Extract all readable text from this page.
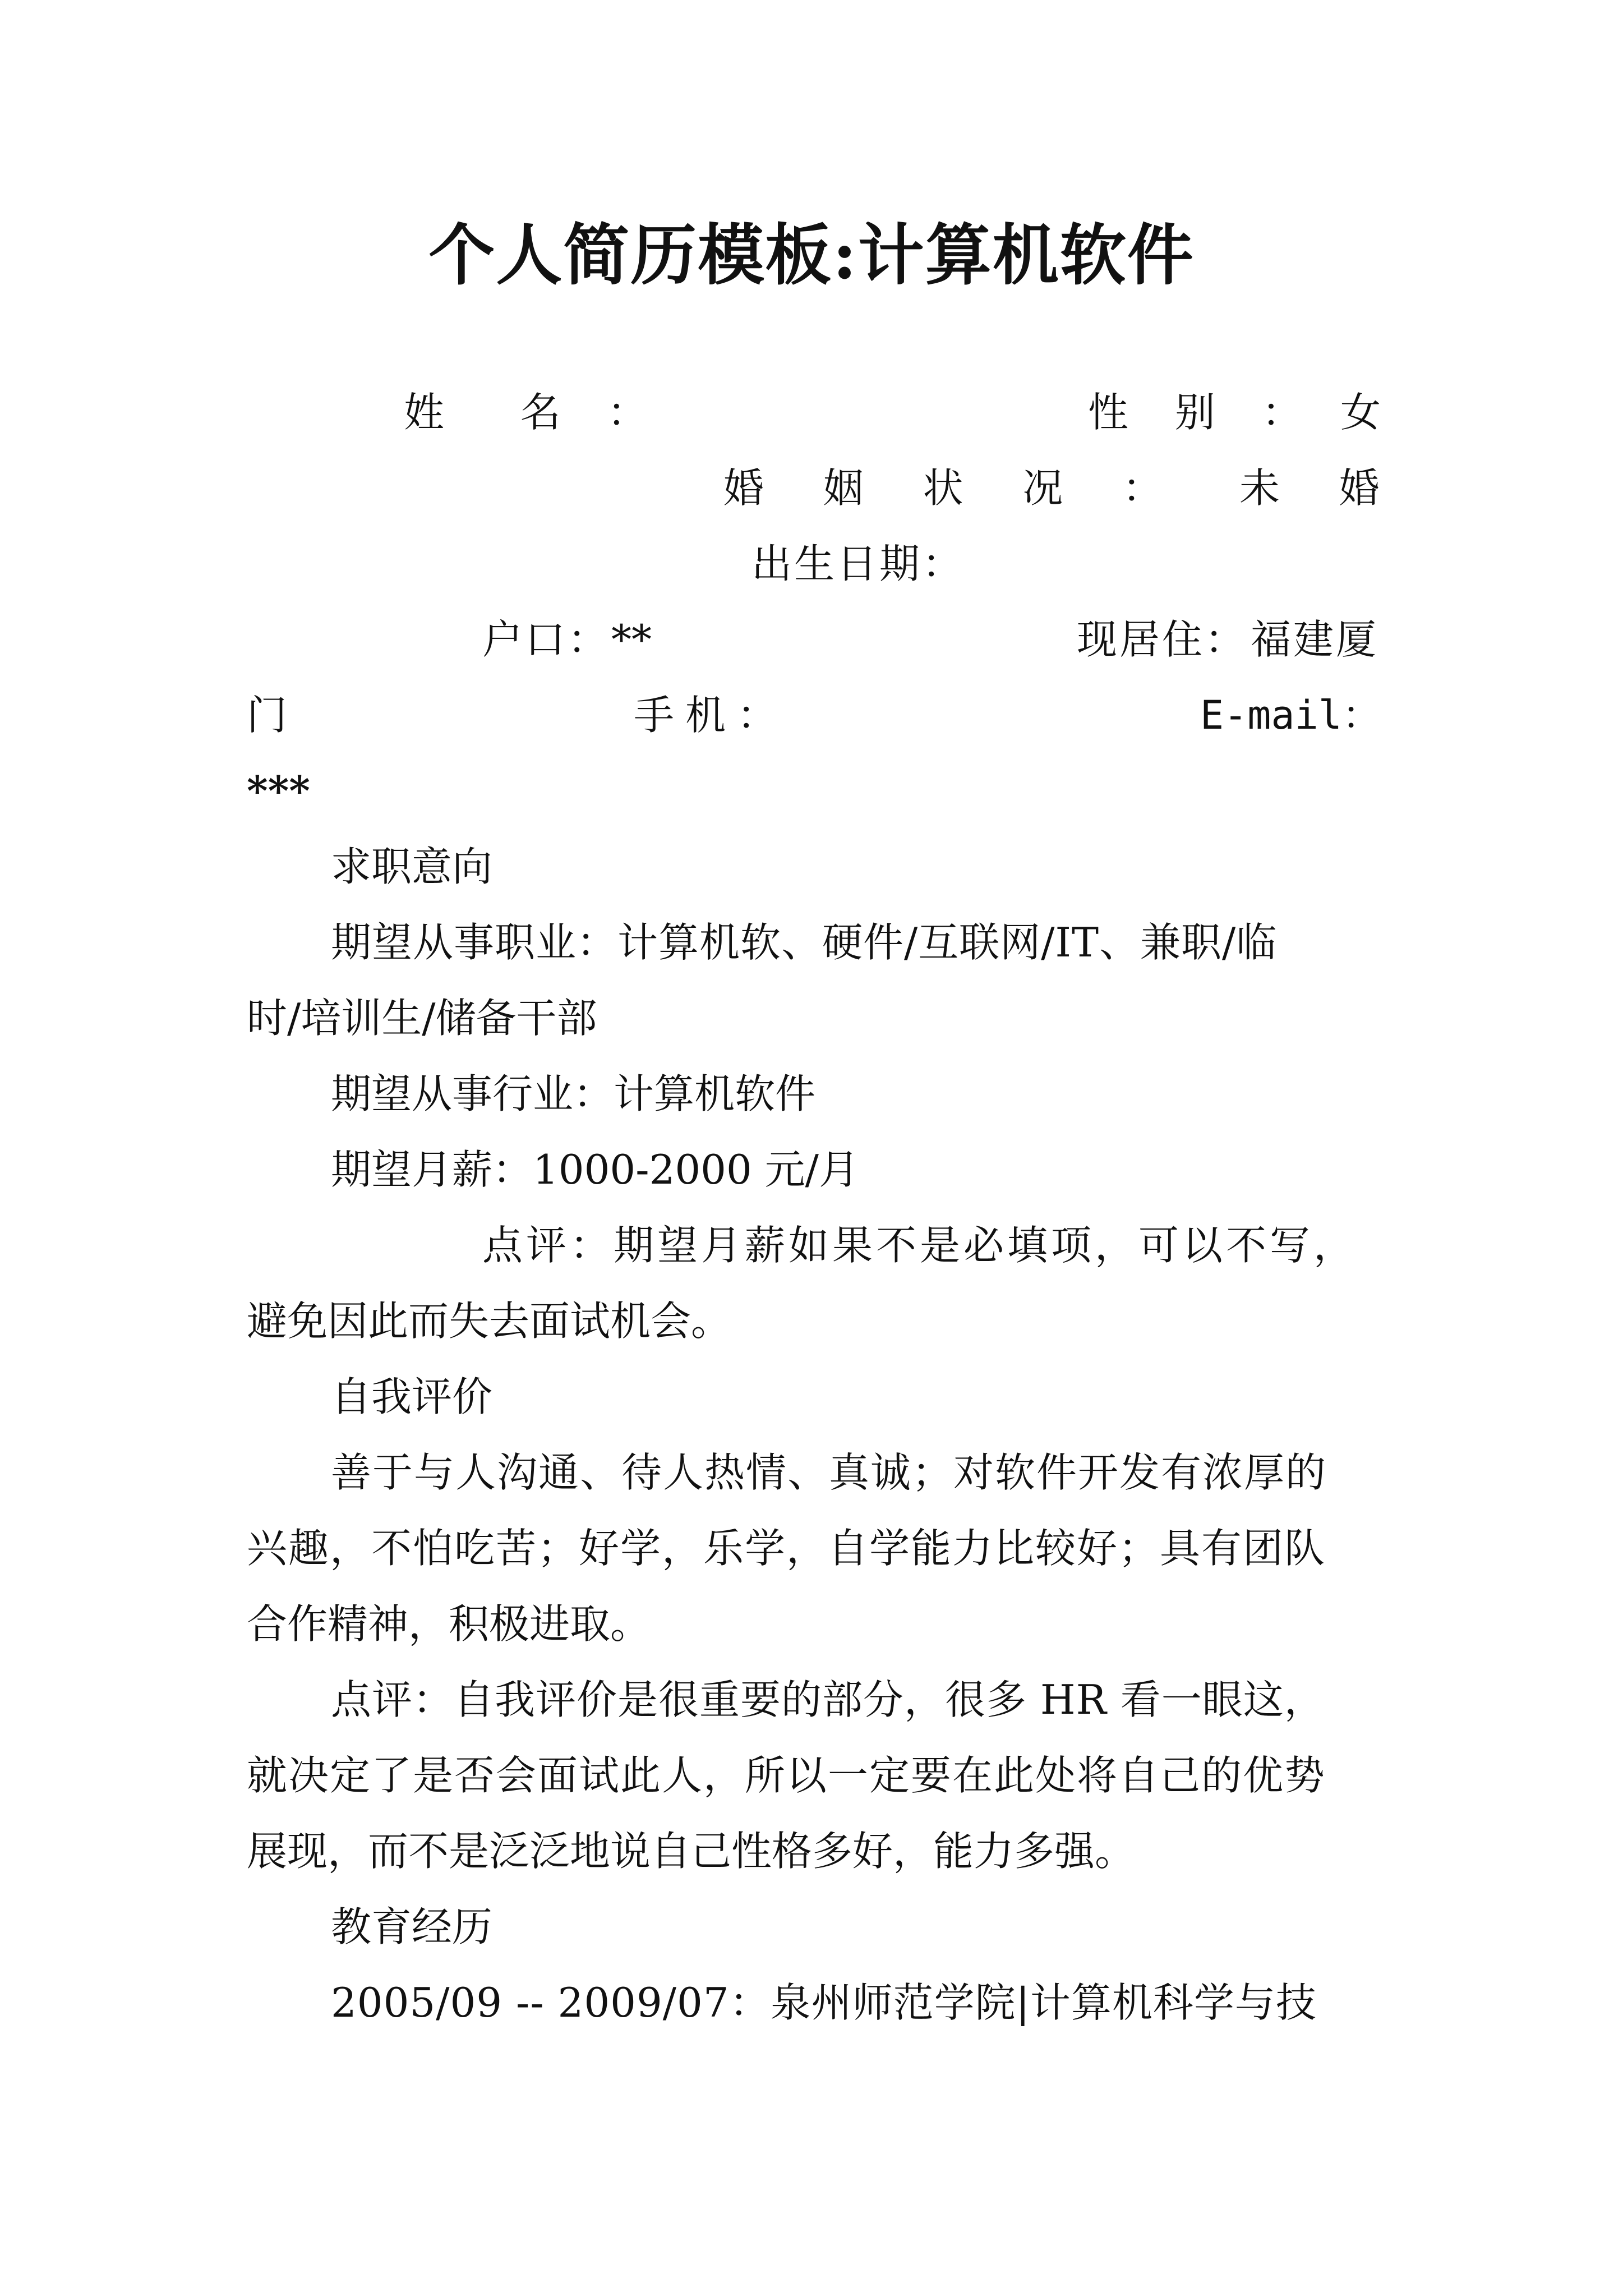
个人简历模板:计算机软件
姓  名 ：	性 别 ： 女
婚  姻  状  况  ： 未  婚
出生日期：
户口： **	现居住： 福建厦
门	手机：	E-mail：
***
求职意向
期望从事职业：计算机软、硬件/互联网/IT、兼职/临
时/培训生/储备干部
期望从事行业：计算机软件
期望月薪：1000-2000 元/月
点评：期望月薪如果不是必填项，可以不写，
避免因此而失去面试机会。
自我评价
善于与人沟通、待人热情、真诚；对软件开发有浓厚的
兴趣，不怕吃苦；好学，乐学，自学能力比较好；具有团队
合作精神，积极进取。
点评：自我评价是很重要的部分，很多 HR 看一眼这，
就决定了是否会面试此人，所以一定要在此处将自己的优势
展现，而不是泛泛地说自己性格多好，能力多强。
教育经历
2005/09 -- 2009/07：泉州师范学院|计算机科学与技
